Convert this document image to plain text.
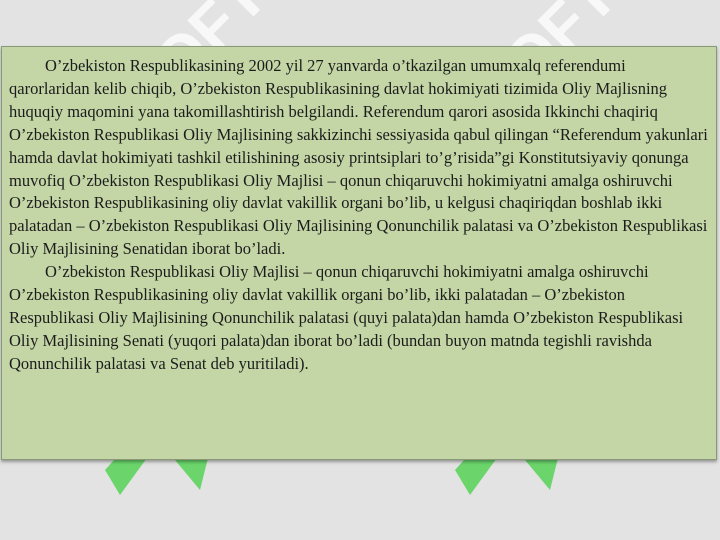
O’zbekiston Respublikasining 2002 yil 27 yanvarda o’tkazilgan umumxalq referendumi qarorlaridan kelib chiqib, O’zbekiston Respublikasining davlat hokimiyati tizimida Oliy Majlisning huquqiy maqomini yana takomillashtirish belgilandi. Referendum qarori asosida Ikkinchi chaqiriq O’zbekiston Respublikasi Oliy Majlisining sakkizinchi sessiyasida qabul qilingan “Referendum yakunlari hamda davlat hokimiyati tashkil etilishining asosiy printsiplari to’g’risida”gi Konstitutsiyaviy qonunga muvofiq O’zbekiston Respublikasi Oliy Majlisi – qonun chiqaruvchi hokimiyatni amalga oshiruvchi O’zbekiston Respublikasining oliy davlat vakillik organi bo’lib, u kelgusi chaqiriqdan boshlab ikki palatadan – O’zbekiston Respublikasi Oliy Majlisining Qonunchilik palatasi va O’zbekiston Respublikasi Oliy Majlisining Senatidan iborat bo’ladi.

O’zbekiston Respublikasi Oliy Majlisi – qonun chiqaruvchi hokimiyatni amalga oshiruvchi O’zbekiston Respublikasining oliy davlat vakillik organi bo’lib, ikki palatadan – O’zbekiston Respublikasi Oliy Majlisining Qonunchilik palatasi (quyi palata)dan hamda O’zbekiston Respublikasi Oliy Majlisining Senati (yuqori palata)dan iborat bo’ladi (bundan buyon matnda tegishli ravishda Qonunchilik palatasi va Senat deb yuritiladi).
